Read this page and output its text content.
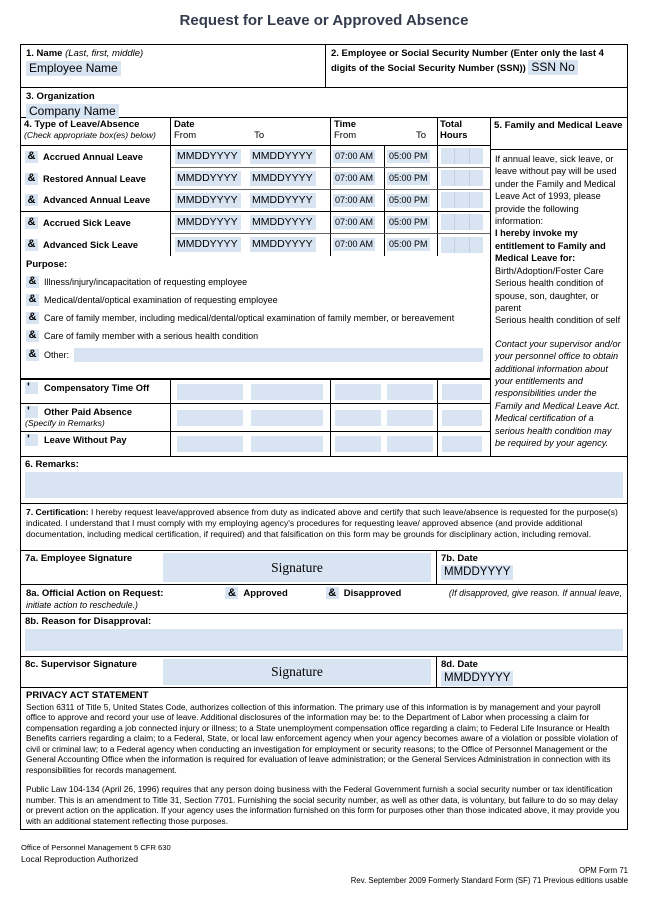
Request for Leave or Approved Absence
1. Name (Last, first, middle)
Employee Name
2. Employee or Social Security Number (Enter only the last 4 digits of the Social Security Number (SSN)) SSN No
3. Organization
Company Name
4. Type of Leave/Absence
(Check appropriate box(es) below)
Date
From	To
Time
From	To
Total Hours
& Accrued Annual Leave	MMDDYYYY	MMDDYYYY	07:00 AM 05:00 PM
& Restored Annual Leave	MMDDYYYY	MMDDYYYY	07:00 AM 05:00 PM
& Advanced Annual Leave	MMDDYYYY	MMDDYYYY	07:00 AM 05:00 PM
& Accrued Sick Leave	MMDDYYYY	MMDDYYYY	07:00 AM 05:00 PM
& Advanced Sick Leave	MMDDYYYY	MMDDYYYY	07:00 AM 05:00 PM
Purpose:
& Illness/injury/incapacitation of requesting employee
& Medical/dental/optical examination of requesting employee
& Care of family member, including medical/dental/optical examination of family member, or bereavement
& Care of family member with a serious health condition
& Other:
'	Compensatory Time Off
'	Other Paid Absence
(Specify in Remarks)
'	Leave Without Pay
5. Family and Medical Leave
If annual leave, sick leave, or leave without pay will be used under the Family and Medical Leave Act of 1993, please provide the following information:
I hereby invoke my entitlement to Family and Medical Leave for:
Birth/Adoption/Foster Care
Serious health condition of spouse, son, daughter, or parent
Serious health condition of self
Contact your supervisor and/or your personnel office to obtain additional information about your entitlements and responsibilities under the Family and Medical Leave Act. Medical certification of a serious health condition may be required by your agency.
6. Remarks:
7. Certification: I hereby request leave/approved absence from duty as indicated above and certify that such leave/absence is requested for the purpose(s) indicated. I understand that I must comply with my employing agency's procedures for requesting leave/ approved absence (and provide additional documentation, including medical certification, if required) and that falsification on this form may be grounds for disciplinary action, including removal.
7a. Employee Signature
Signature
7b. Date
MMDDYYYY
8a. Official Action on Request:	& Approved	& Disapproved	(If disapproved, give reason. If annual leave,
initiate action to reschedule.)
8b. Reason for Disapproval:
8c. Supervisor Signature	Signature	8d. Date
MMDDYYYY
PRIVACY ACT STATEMENT
Section 6311 of Title 5, United States Code, authorizes collection of this information. The primary use of this information is by management and your payroll office to approve and record your use of leave. Additional disclosures of the information may be: to the Department of Labor when processing a claim for compensation regarding a job connected injury or illness; to a State unemployment compensation office regarding a claim; to Federal Life Insurance or Health Benefits carriers regarding a claim; to a Federal, State, or local law enforcement agency when your agency becomes aware of a violation or possible violation of civil or criminal law; to a Federal agency when conducting an investigation for employment or security reasons; to the Office of Personnel Management or the General Accounting Office when the information is required for evaluation of leave administration; or the General Services Administration in connection with its responsibilities for records management.
Public Law 104-134 (April 26, 1996) requires that any person doing business with the Federal Government furnish a social security number or tax identification number. This is an amendment to Title 31, Section 7701. Furnishing the social security number, as well as other data, is voluntary, but failure to do so may delay or prevent action on the application. If your agency uses the information furnished on this form for purposes other than those indicated above, it may provide you with an additional statement reflecting those purposes.
Office of Personnel Management 5 CFR 630
Local Reproduction Authorized
OPM Form 71
Rev. September 2009 Formerly Standard Form (SF) 71 Previous editions usable
